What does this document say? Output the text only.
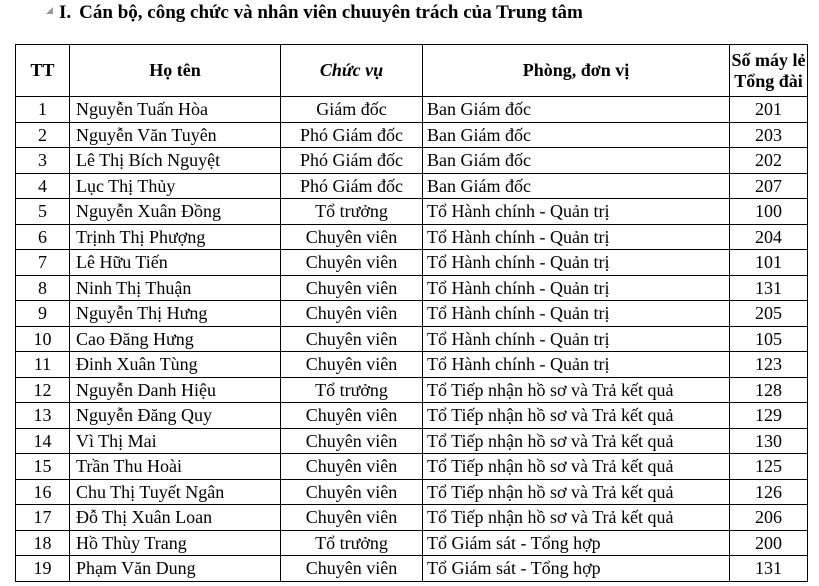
I. Cán bộ, công chức và nhân viên chuuyên trách của Trung tâm
TT	Họ tên	Chức vụ	Phòng, đơn vị	Số máy lẻ
Tổng đài

1	Nguyễn Tuấn Hòa	Giám đốc	Ban Giám đốc	201
2	Nguyễn Văn Tuyên	Phó Giám đốc	Ban Giám đốc	203
3	Lê Thị Bích Nguyệt	Phó Giám đốc	Ban Giám đốc	202
4	Lục Thị Thủy	Phó Giám đốc	Ban Giám đốc	207
5	Nguyễn Xuân Đồng	Tổ trưởng	Tổ Hành chính - Quản trị	100
6	Trịnh Thị Phượng	Chuyên viên	Tổ Hành chính - Quản trị	204
7	Lê Hữu Tiến	Chuyên viên	Tổ Hành chính - Quản trị	101
8	Ninh Thị Thuận	Chuyên viên	Tổ Hành chính - Quản trị	131
9	Nguyễn Thị Hưng	Chuyên viên	Tổ Hành chính - Quản trị	205
10	Cao Đăng Hưng	Chuyên viên	Tổ Hành chính - Quản trị	105
11	Đinh Xuân Tùng	Chuyên viên	Tổ Hành chính - Quản trị	123
12	Nguyễn Danh Hiệu	Tổ trưởng	Tổ Tiếp nhận hồ sơ và Trả kết quả	128
13	Nguyễn Đăng Quy	Chuyên viên	Tổ Tiếp nhận hồ sơ và Trả kết quả	129
14	Vì Thị Mai	Chuyên viên	Tổ Tiếp nhận hồ sơ và Trả kết quả	130
15	Trần Thu Hoài	Chuyên viên	Tổ Tiếp nhận hồ sơ và Trả kết quả	125
16	Chu Thị Tuyết Ngân	Chuyên viên	Tổ Tiếp nhận hồ sơ và Trả kết quả	126
17	Đỗ Thị Xuân Loan	Chuyên viên	Tổ Tiếp nhận hồ sơ và Trả kết quả	206
18	Hồ Thùy Trang	Tổ trưởng	Tổ Giám sát - Tổng hợp	200
19	Phạm Văn Dung	Chuyên viên	Tổ Giám sát - Tổng hợp	131
